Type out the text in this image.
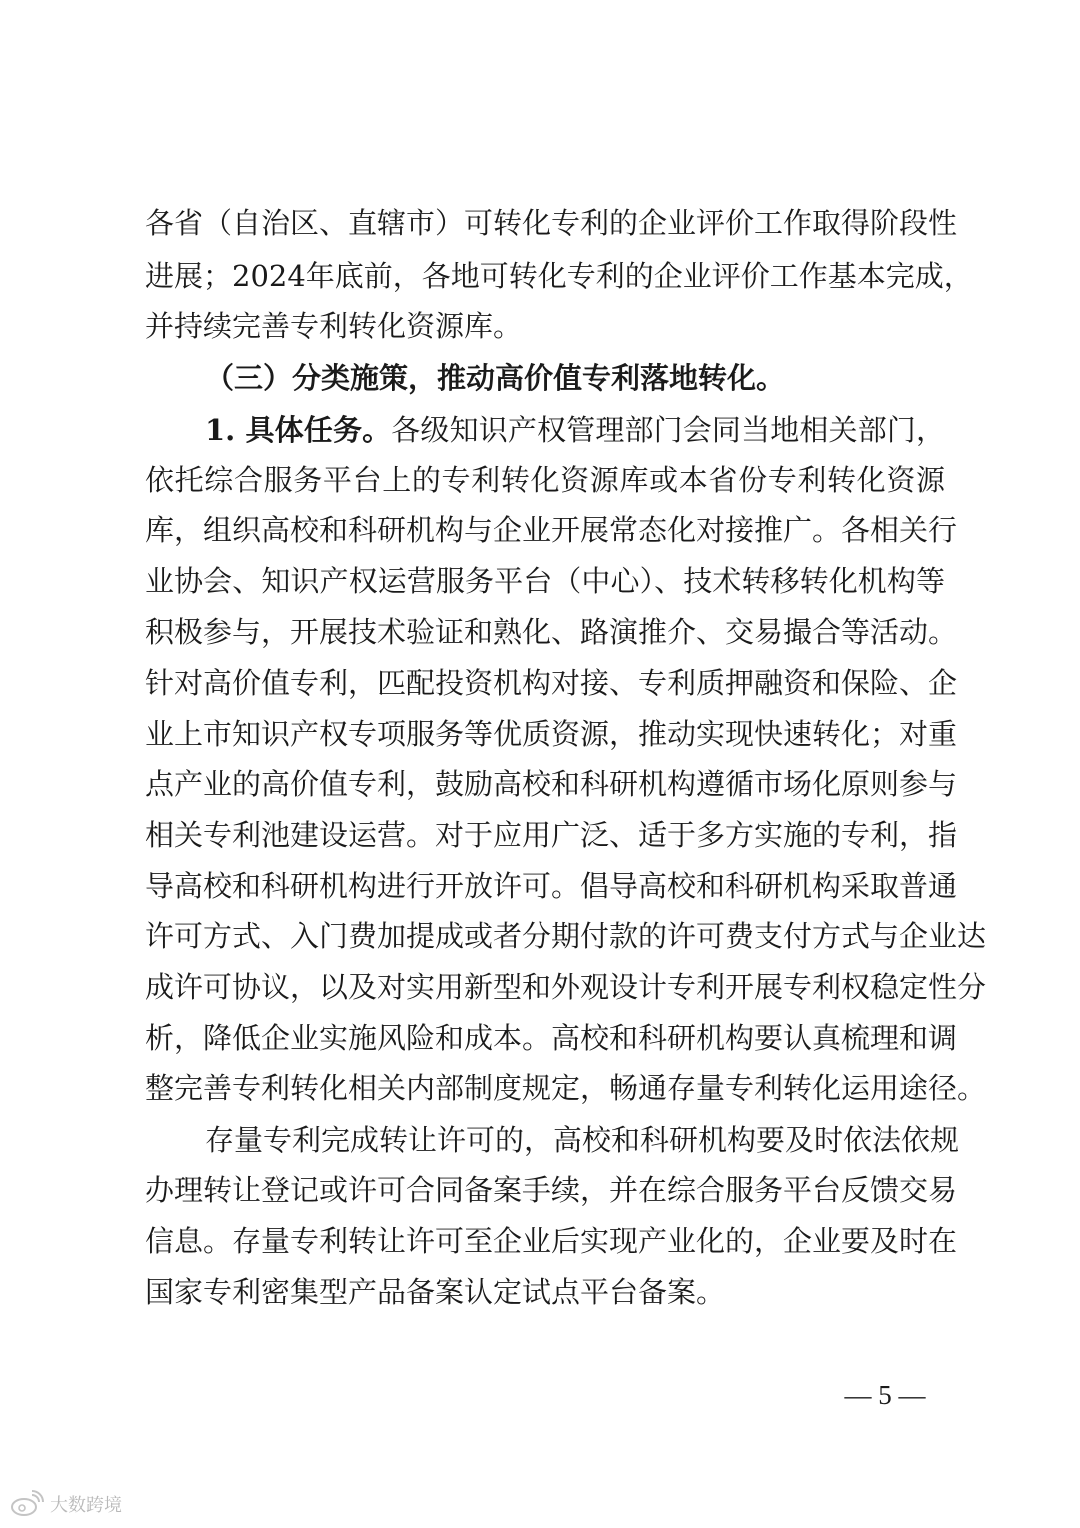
各省（自治区、直辖市）可转化专利的企业评价工作取得阶段性
进展；2024年底前，各地可转化专利的企业评价工作基本完成，
并持续完善专利转化资源库。
（三）分类施策，推动高价值专利落地转化。
1. 具体任务。各级知识产权管理部门会同当地相关部门，
依托综合服务平台上的专利转化资源库或本省份专利转化资源
库，组织高校和科研机构与企业开展常态化对接推广。各相关行
业协会、知识产权运营服务平台（中心）、技术转移转化机构等
积极参与，开展技术验证和熟化、路演推介、交易撮合等活动。
针对高价值专利，匹配投资机构对接、专利质押融资和保险、企
业上市知识产权专项服务等优质资源，推动实现快速转化；对重
点产业的高价值专利，鼓励高校和科研机构遵循市场化原则参与
相关专利池建设运营。对于应用广泛、适于多方实施的专利，指
导高校和科研机构进行开放许可。倡导高校和科研机构采取普通
许可方式、入门费加提成或者分期付款的许可费支付方式与企业达
成许可协议，以及对实用新型和外观设计专利开展专利权稳定性分
析，降低企业实施风险和成本。高校和科研机构要认真梳理和调
整完善专利转化相关内部制度规定，畅通存量专利转化运用途径。
存量专利完成转让许可的，高校和科研机构要及时依法依规
办理转让登记或许可合同备案手续，并在综合服务平台反馈交易
信息。存量专利转让许可至企业后实现产业化的，企业要及时在
国家专利密集型产品备案认定试点平台备案。
— 5 —
大数跨境
